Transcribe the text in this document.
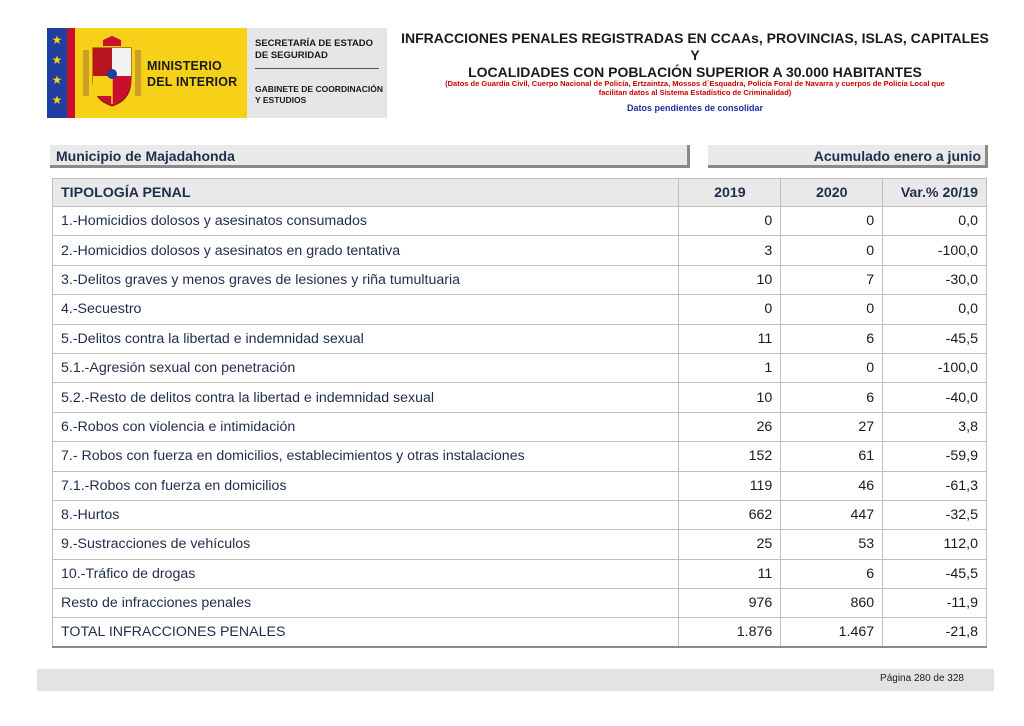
★
★
★
★
MINISTERIO
DEL INTERIOR
SECRETARÍA DE ESTADO DE SEGURIDAD
GABINETE DE COORDINACIÓN Y ESTUDIOS
INFRACCIONES PENALES REGISTRADAS EN CCAAs, PROVINCIAS, ISLAS, CAPITALES Y
LOCALIDADES CON POBLACIÓN SUPERIOR A 30.000 HABITANTES
(Datos de Guardia Civil, Cuerpo Nacional de Policía, Ertzaintza, Mossos d´Esquadra, Policía Foral de Navarra y cuerpos de Policía Local que
facilitan datos al Sistema Estadístico de Criminalidad)
Datos pendientes de consolidar
Municipio de Majadahonda	Acumulado enero a junio
TIPOLOGÍA PENAL	2019	2020	Var.% 20/19
1.-Homicidios dolosos y asesinatos consumados	0	0	0,0
2.-Homicidios dolosos y asesinatos en grado tentativa	3	0	-100,0
3.-Delitos graves y menos graves de lesiones y riña tumultuaria	10	7	-30,0
4.-Secuestro	0	0	0,0
5.-Delitos contra la libertad e indemnidad sexual	11	6	-45,5
5.1.-Agresión sexual con penetración	1	0	-100,0
5.2.-Resto de delitos contra la libertad e indemnidad sexual	10	6	-40,0
6.-Robos con violencia e intimidación	26	27	3,8
7.- Robos con fuerza en domicilios, establecimientos y otras instalaciones	152	61	-59,9
7.1.-Robos con fuerza en domicilios	119	46	-61,3
8.-Hurtos	662	447	-32,5
9.-Sustracciones de vehículos	25	53	112,0
10.-Tráfico de drogas	11	6	-45,5
Resto de infracciones penales	976	860	-11,9
TOTAL INFRACCIONES PENALES	1.876	1.467	-21,8
Página 280 de 328
